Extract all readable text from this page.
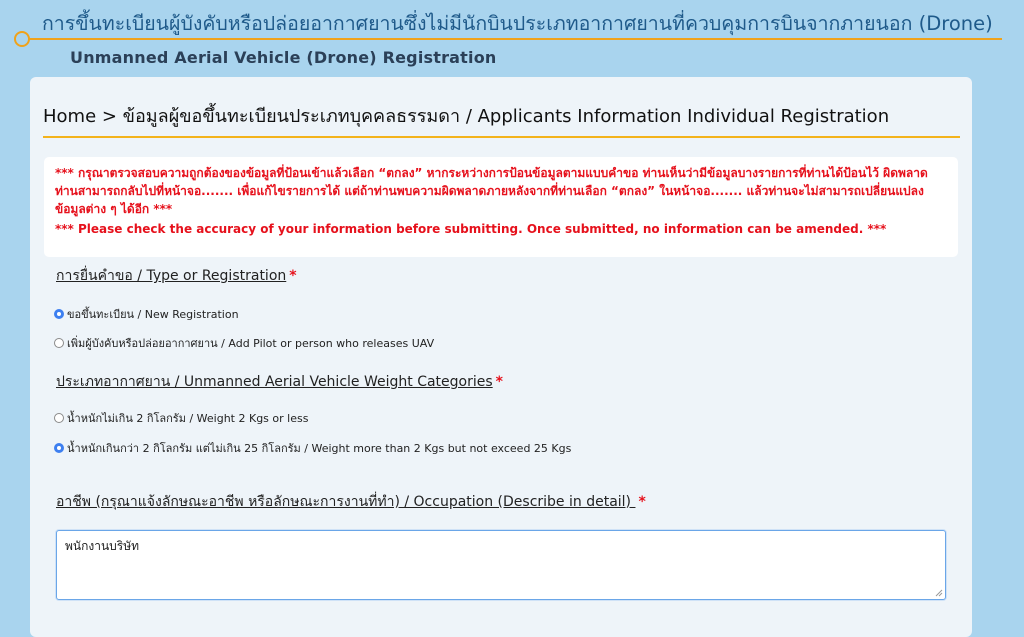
การขึ้นทะเบียนผู้บังคับหรือปล่อยอากาศยานซึ่งไม่มีนักบินประเภทอากาศยานที่ควบคุมการบินจากภายนอก (Drone)
Unmanned Aerial Vehicle (Drone) Registration
Home > ข้อมูลผู้ขอขึ้นทะเบียนประเภทบุคคลธรรมดา / Applicants Information Individual Registration
*** กรุณาตรวจสอบความถูกต้องของข้อมูลที่ป้อนเข้าแล้วเลือก “ตกลง” หากระหว่างการป้อนข้อมูลตามแบบคำขอ ท่านเห็นว่ามีข้อมูลบางรายการที่ท่านได้ป้อนไว้ ผิดพลาด ท่านสามารถกลับไปที่หน้าจอ....... เพื่อแก้ไขรายการได้ แต่ถ้าท่านพบความผิดพลาดภายหลังจากที่ท่านเลือก “ตกลง” ในหน้าจอ....... แล้วท่านจะไม่สามารถเปลี่ยนแปลงข้อมูลต่าง ๆ ได้อีก ***
*** Please check the accuracy of your information before submitting. Once submitted, no information can be amended. ***
การยื่นคำขอ / Type or Registration *
ขอขึ้นทะเบียน / New Registration
เพิ่มผู้บังคับหรือปล่อยอากาศยาน / Add Pilot or person who releases UAV
ประเภทอากาศยาน / Unmanned Aerial Vehicle Weight Categories *
น้ำหนักไม่เกิน 2 กิโลกรัม / Weight 2 Kgs or less
น้ำหนักเกินกว่า 2 กิโลกรัม แต่ไม่เกิน 25 กิโลกรัม / Weight more than 2 Kgs but not exceed 25 Kgs
อาชีพ (กรุณาแจ้งลักษณะอาชีพ หรือลักษณะการงานที่ทำ) / Occupation (Describe in detail) *
พนักงานบริษัท
